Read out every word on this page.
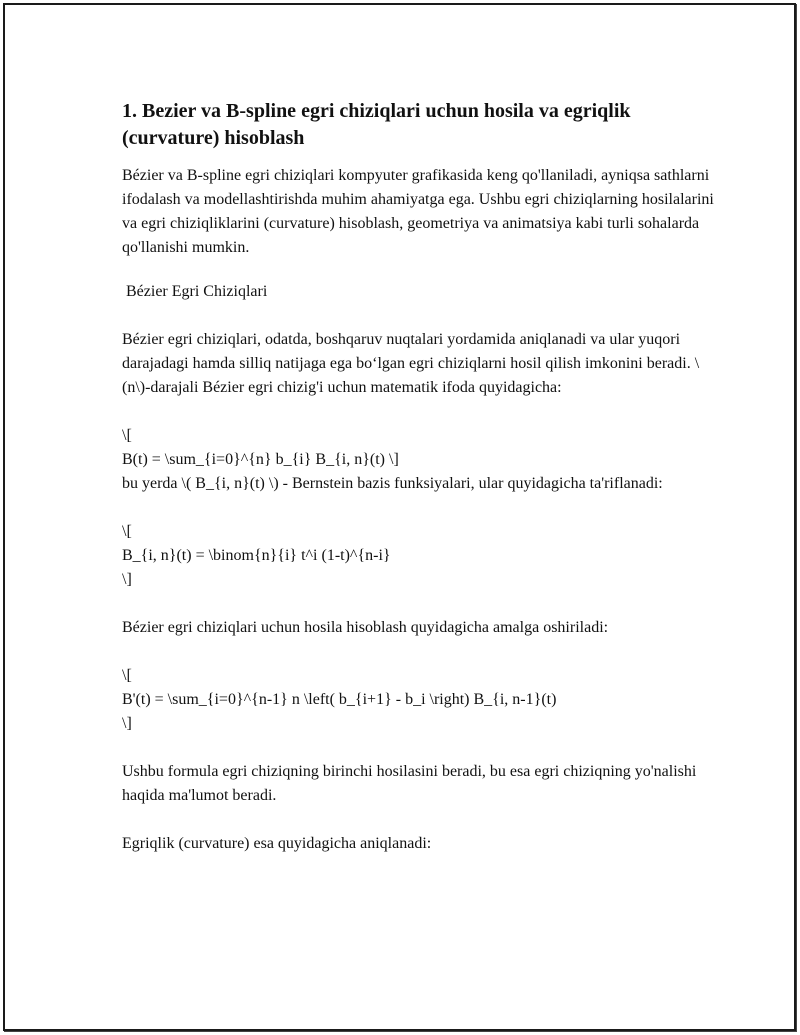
1. Bezier va B-spline egri chiziqlari uchun hosila va egriqlik (curvature) hisoblash

Bézier va B-spline egri chiziqlari kompyuter grafikasida keng qo'llaniladi, ayniqsa sathlarni ifodalash va modellashtirishda muhim ahamiyatga ega. Ushbu egri chiziqlarning hosilalarini va egri chiziqliklarini (curvature) hisoblash, geometriya va animatsiya kabi turli sohalarda qo'llanishi mumkin.

Bézier Egri Chiziqlari

Bézier egri chiziqlari, odatda, boshqaruv nuqtalari yordamida aniqlanadi va ular yuqori darajadagi hamda silliq natijaga ega boʻlgan egri chiziqlarni hosil qilish imkonini beradi. \(n\)-darajali Bézier egri chizig'i uchun matematik ifoda quyidagicha:

\[

B(t) = \sum_{i=0}^{n} b_{i} B_{i, n}(t) \]

bu yerda \( B_{i, n}(t) \) - Bernstein bazis funksiyalari, ular quyidagicha ta'riflanadi:

\[

B_{i, n}(t) = \binom{n}{i} t^i (1-t)^{n-i}

\]

Bézier egri chiziqlari uchun hosila hisoblash quyidagicha amalga oshiriladi:

\[

B'(t) = \sum_{i=0}^{n-1} n \left( b_{i+1} - b_i \right) B_{i, n-1}(t)

\]

Ushbu formula egri chiziqning birinchi hosilasini beradi, bu esa egri chiziqning yo'nalishi haqida ma'lumot beradi.

Egriqlik (curvature) esa quyidagicha aniqlanadi:
